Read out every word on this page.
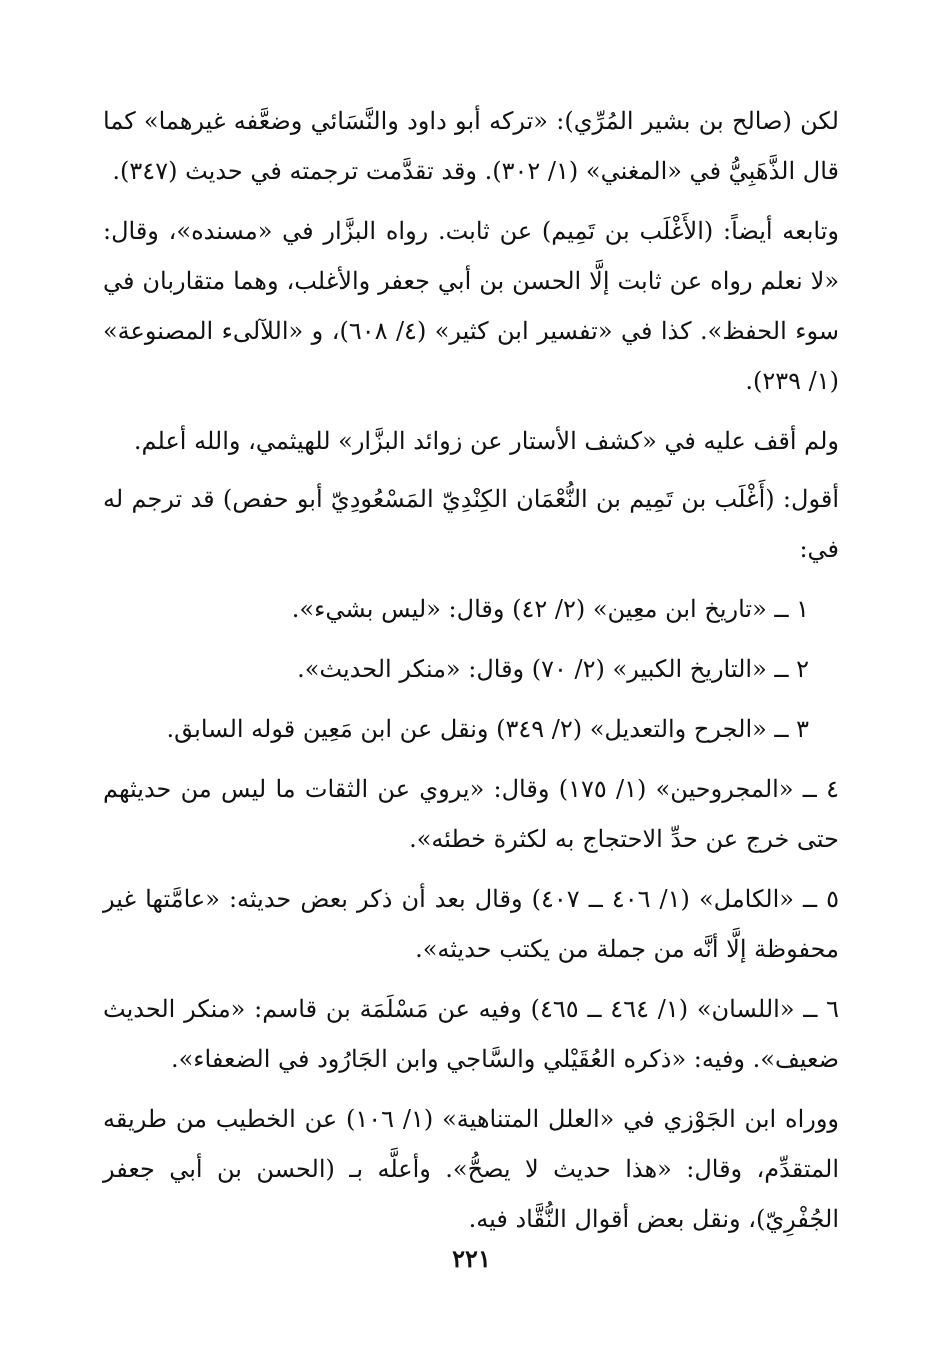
لكن (صالح بن بشير المُرِّي): «تركه أبو داود والنَّسَائي وضعَّفه غيرهما» كما قال الذَّهَبِيُّ في «المغني» (١/ ٣٠٢). وقد تقدَّمت ترجمته في حديث (٣٤٧).

وتابعه أيضاً: (الأَغْلَب بن تَمِيم) عن ثابت. رواه البزَّار في «مسنده»، وقال: «لا نعلم رواه عن ثابت إلَّا الحسن بن أبي جعفر والأغلب، وهما متقاربان في سوء الحفظ». كذا في «تفسير ابن كثير» (٤/ ٦٠٨)، و «اللآلىء المصنوعة» (١/ ٢٣٩).

ولم أقف عليه في «كشف الأستار عن زوائد البزَّار» للهيثمي، والله أعلم.

أقول: (أَغْلَب بن تَمِيم بن النُّعْمَان الكِنْدِيّ المَسْعُودِيّ أبو حفص) قد ترجم له في:

١ ــ «تاريخ ابن معِين» (٢/ ٤٢) وقال: «ليس بشيء».

٢ ــ «التاريخ الكبير» (٢/ ٧٠) وقال: «منكر الحديث».

٣ ــ «الجرح والتعديل» (٢/ ٣٤٩) ونقل عن ابن مَعِين قوله السابق.

٤ ــ «المجروحين» (١/ ١٧٥) وقال: «يروي عن الثقات ما ليس من حديثهم حتى خرج عن حدِّ الاحتجاج به لكثرة خطئه».

٥ ــ «الكامل» (١/ ٤٠٦ ــ ٤٠٧) وقال بعد أن ذكر بعض حديثه: «عامَّتها غير محفوظة إلَّا أنَّه من جملة من يكتب حديثه».

٦ ــ «اللسان» (١/ ٤٦٤ ــ ٤٦٥) وفيه عن مَسْلَمَة بن قاسم: «منكر الحديث ضعيف». وفيه: «ذكره العُقَيْلي والسَّاجي وابن الجَارُود في الضعفاء».

ووراه ابن الجَوْزي في «العلل المتناهية» (١/ ١٠٦) عن الخطيب من طريقه المتقدِّم، وقال: «هذا حديث لا يصحُّ». وأعلَّه بـ (الحسن بن أبي جعفر الجُفْرِيّ)، ونقل بعض أقوال النُّقَّاد فيه.

٢٢١
